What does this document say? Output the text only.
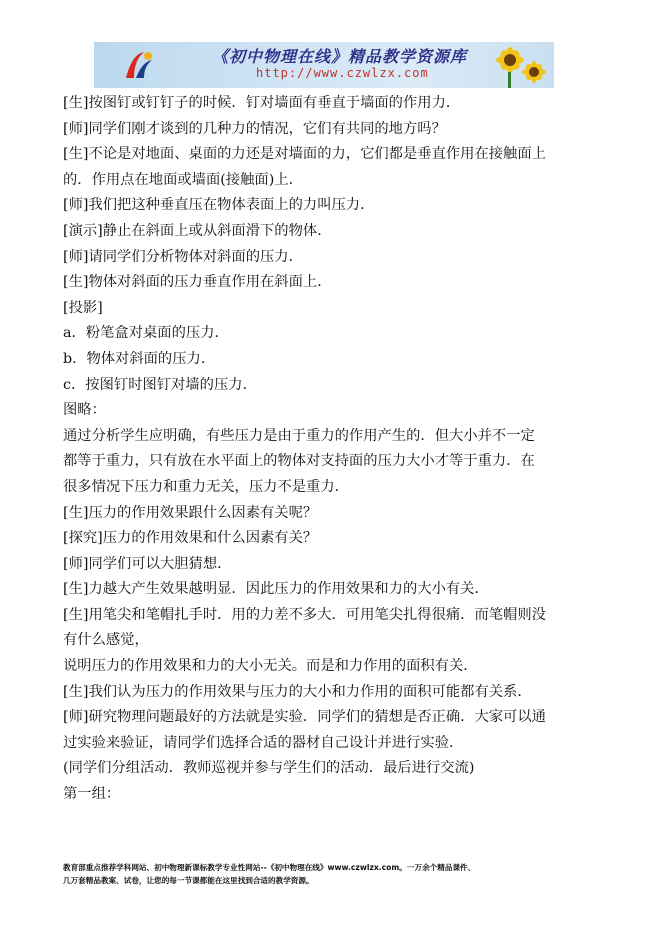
《初中物理在线》精品教学资源库
http://www.czwlzx.com
[生]按图钉或钉钉子的时候．钉对墙面有垂直于墙面的作用力．
[师]同学们刚才谈到的几种力的情况，它们有共同的地方吗？
[生]不论是对地面、桌面的力还是对墙面的力，它们都是垂直作用在接触面上
的．作用点在地面或墙面(接触面)上．
[师]我们把这种垂直压在物体表面上的力叫压力．
[演示]静止在斜面上或从斜面滑下的物体．
[师]请同学们分析物体对斜面的压力．
[生]物体对斜面的压力垂直作用在斜面上．
[投影]
a．粉笔盒对桌面的压力．
b．物体对斜面的压力．
c．按图钉时图钉对墙的压力．
图略：
通过分析学生应明确，有些压力是由于重力的作用产生的．但大小并不一定
都等于重力，只有放在水平面上的物体对支持面的压力大小才等于重力．在
很多情况下压力和重力无关，压力不是重力．
[生]压力的作用效果跟什么因素有关呢？
[探究]压力的作用效果和什么因素有关？
[师]同学们可以大胆猜想．
[生]力越大产生效果越明显．因此压力的作用效果和力的大小有关．
[生]用笔尖和笔帽扎手时．用的力差不多大．可用笔尖扎得很痛．而笔帽则没
有什么感觉，
说明压力的作用效果和力的大小无关。而是和力作用的面积有关．
[生]我们认为压力的作用效果与压力的大小和力作用的面积可能都有关系．
[师]研究物理问题最好的方法就是实验．同学们的猜想是否正确．大家可以通
过实验来验证，请同学们选择合适的器材自己设计并进行实验．
(同学们分组活动．教师巡视并参与学生们的活动．最后进行交流)
第一组：
教育部重点推荐学科网站、初中物理新课标教学专业性网站--《初中物理在线》www.czwlzx.com。一万余个精品课件、
几万套精品教案、试卷，让您的每一节课都能在这里找到合适的教学资源。
